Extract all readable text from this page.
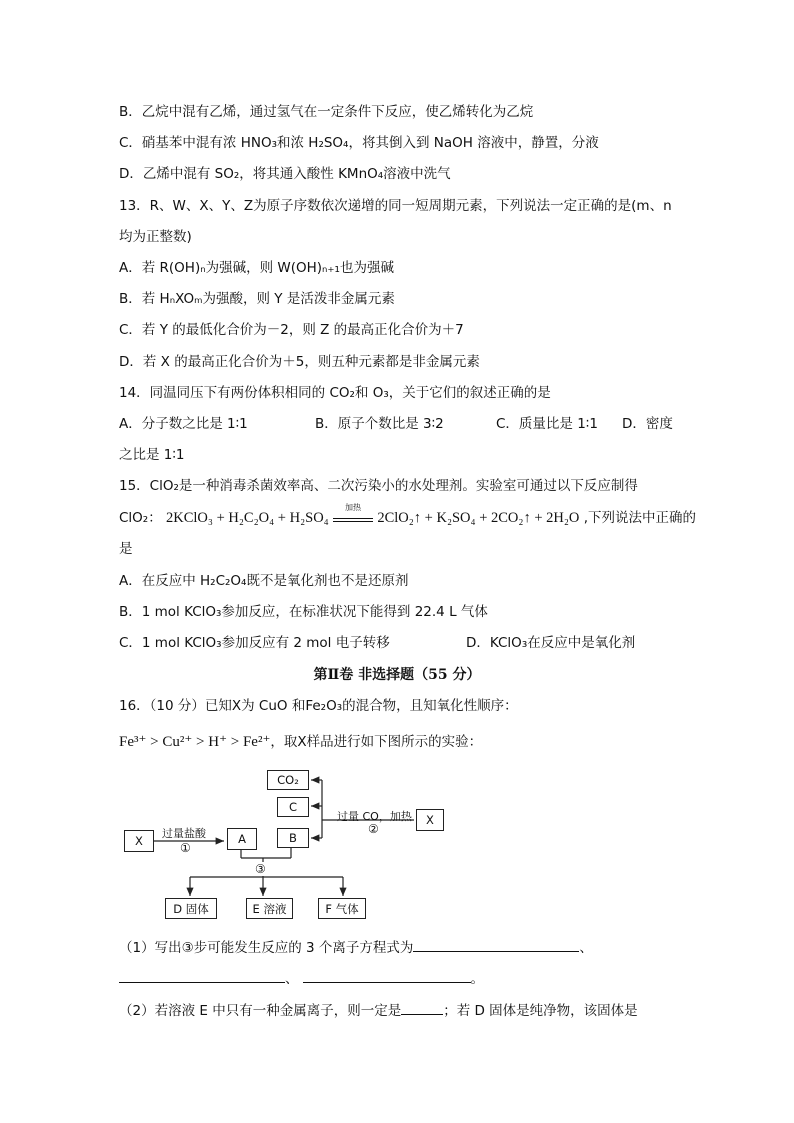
B．乙烷中混有乙烯，通过氢气在一定条件下反应，使乙烯转化为乙烷
C．硝基苯中混有浓 HNO₃和浓 H₂SO₄，将其倒入到 NaOH 溶液中，静置，分液
D．乙烯中混有 SO₂，将其通入酸性 KMnO₄溶液中洗气
13．R、W、X、Y、Z为原子序数依次递增的同一短周期元素，下列说法一定正确的是(m、n
均为正整数)
A．若 R(OH)ₙ为强碱，则 W(OH)ₙ₊₁也为强碱
B．若 HₙXOₘ为强酸，则 Y 是活泼非金属元素
C．若 Y 的最低化合价为－2，则 Z 的最高正化合价为＋7
D．若 X 的最高正化合价为＋5，则五种元素都是非金属元素
14．同温同压下有两份体积相同的 CO₂和 O₃，关于它们的叙述正确的是
A．分子数之比是 1∶1	B．原子个数比是 3∶2	C．质量比是 1∶1 D．密度
之比是 1∶1
15．ClO₂是一种消毒杀菌效率高、二次污染小的水处理剂。实验室可通过以下反应制得
ClO₂： 2KClO₃ + H₂C₂O₄ + H₂SO₄
加热
2ClO₂↑ + K₂SO₄ + 2CO₂↑ + 2H₂O ,下列说法中正确的
是
A．在反应中 H₂C₂O₄既不是氧化剂也不是还原剂
B．1 mol KClO₃参加反应，在标准状况下能得到 22.4 L 气体
C．1 mol KClO₃参加反应有 2 mol 电子转移	D．KClO₃在反应中是氧化剂
第Ⅱ卷 非选择题（55 分）
16．（10 分）已知X为 CuO 和Fe₂O₃的混合物，且知氧化性顺序：
Fe³⁺ > Cu²⁺ > H⁺ > Fe²⁺，取X样品进行如下图所示的实验：
X	A	B
C
CO₂
X
D 固体	E 溶液	F 气体
过量盐酸
①
过量 CO，加热
②
③
（1）写出③步可能发生反应的 3 个离子方程式为	、
、	。
（2）若溶液 E 中只有一种金属离子，则一定是	；若 D 固体是纯净物，该固体是
